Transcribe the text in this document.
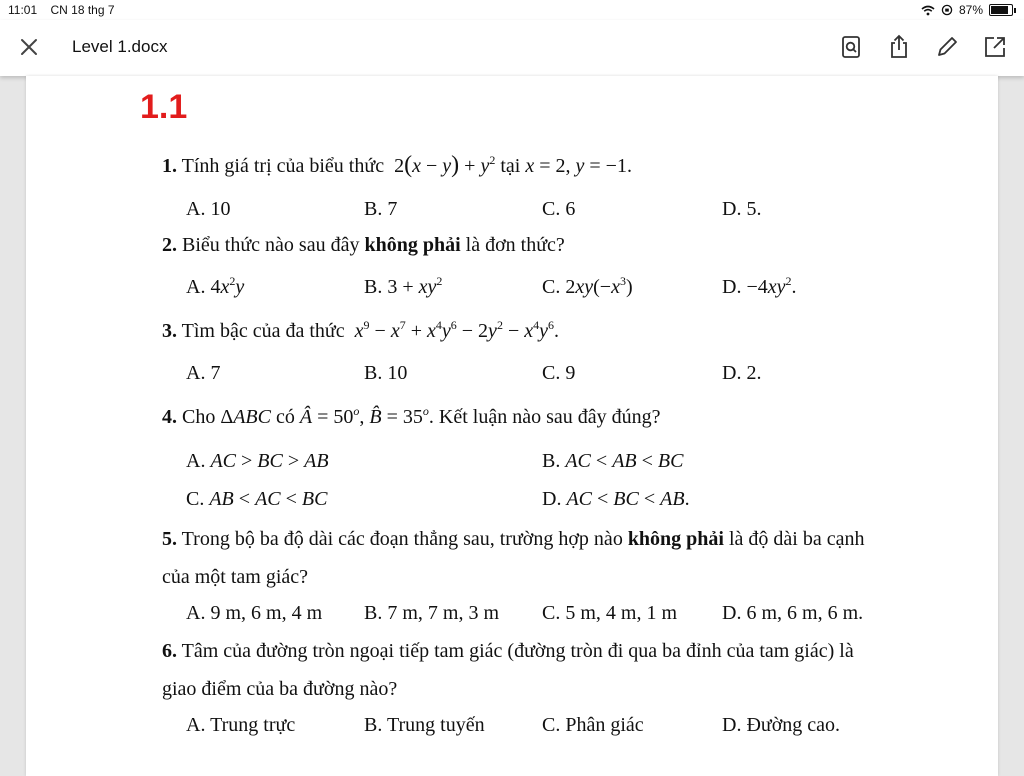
11:01 CN 18 thg 7	87%
Level 1.docx
1.1
1. Tính giá trị của biểu thức  $2(x - y) + y^2$ tại x = 2, y = −1.
A. 10	B. 7	C. 6	D. 5.
2. Biểu thức nào sau đây không phải là đơn thức?
A. $4x^2y$	B. $3 + xy^2$	C. $2xy(-x^3)$	D. $-4xy^2$.
3. Tìm bậc của đa thức $x^9 - x^7 + x^4y^6 - 2y^2 - x^4y^6$.
A. 7	B. 10	C. 9	D. 2.
4. Cho ΔABC có Â = $50^o$, B̂ = $35^o$. Kết luận nào sau đây đúng?
A. AC > BC > AB	B. AC < AB < BC
C. AB < AC < BC	D. AC < BC < AB.
5. Trong bộ ba độ dài các đoạn thẳng sau, trường hợp nào không phải là độ dài ba cạnh
của một tam giác?
A. 9 m, 6 m, 4 m B. 7 m, 7 m, 3 m C. 5 m, 4 m, 1 m D. 6 m, 6 m, 6 m.
6. Tâm của đường tròn ngoại tiếp tam giác (đường tròn đi qua ba đỉnh của tam giác) là
giao điểm của ba đường nào?
A. Trung trực	B. Trung tuyến	C. Phân giác	D. Đường cao.
